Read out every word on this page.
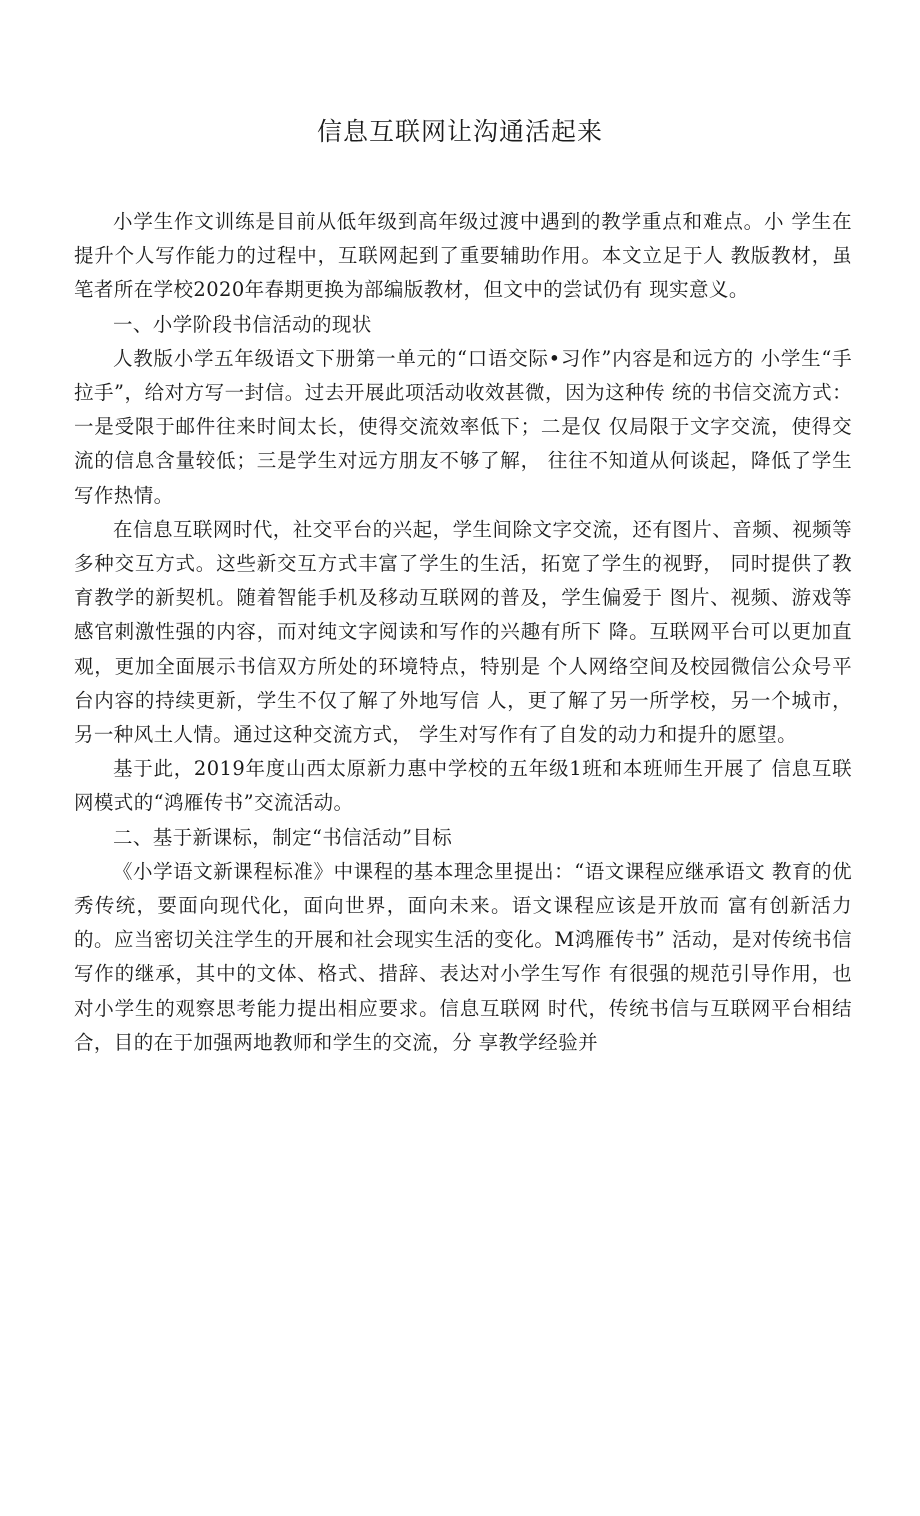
信息互联网让沟通活起来

小学生作文训练是目前从低年级到高年级过渡中遇到的教学重点和难点。小 学生在提升个人写作能力的过程中，互联网起到了重要辅助作用。本文立足于人 教版教材，虽笔者所在学校2020年春期更换为部编版教材，但文中的尝试仍有 现实意义。

一、小学阶段书信活动的现状

人教版小学五年级语文下册第一单元的“口语交际•习作”内容是和远方的 小学生“手拉手”，给对方写一封信。过去开展此项活动收效甚微，因为这种传 统的书信交流方式：一是受限于邮件往来时间太长，使得交流效率低下；二是仅 仅局限于文字交流，使得交流的信息含量较低；三是学生对远方朋友不够了解， 往往不知道从何谈起，降低了学生写作热情。

在信息互联网时代，社交平台的兴起，学生间除文字交流，还有图片、音频、视频等多种交互方式。这些新交互方式丰富了学生的生活，拓宽了学生的视野， 同时提供了教育教学的新契机。随着智能手机及移动互联网的普及，学生偏爱于 图片、视频、游戏等感官刺激性强的内容，而对纯文字阅读和写作的兴趣有所下 降。互联网平台可以更加直观，更加全面展示书信双方所处的环境特点，特别是 个人网络空间及校园微信公众号平台内容的持续更新，学生不仅了解了外地写信 人，更了解了另一所学校，另一个城市，另一种风土人情。通过这种交流方式， 学生对写作有了自发的动力和提升的愿望。

基于此，2019年度山西太原新力惠中学校的五年级1班和本班师生开展了 信息互联网模式的“鸿雁传书”交流活动。

二、基于新课标，制定“书信活动”目标

《小学语文新课程标准》中课程的基本理念里提出：“语文课程应继承语文 教育的优秀传统，要面向现代化，面向世界，面向未来。语文课程应该是开放而 富有创新活力的。应当密切关注学生的开展和社会现实生活的变化。M鸿雁传书” 活动，是对传统书信写作的继承，其中的文体、格式、措辞、表达对小学生写作 有很强的规范引导作用，也对小学生的观察思考能力提出相应要求。信息互联网 时代，传统书信与互联网平台相结合，目的在于加强两地教师和学生的交流，分 享教学经验并
